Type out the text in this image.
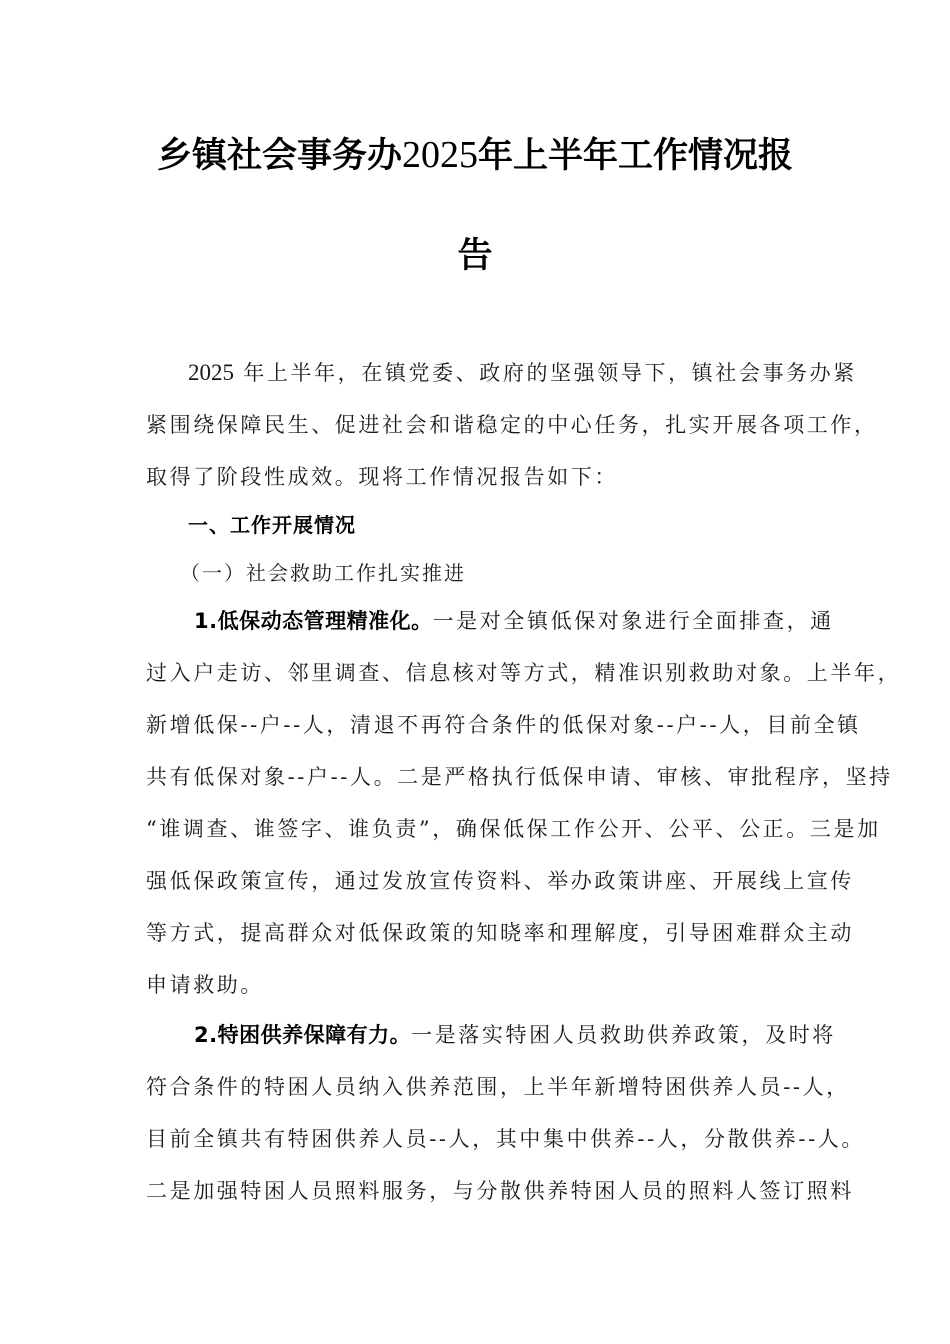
乡镇社会事务办2025年上半年工作情况报
告
2025 年上半年，在镇党委、政府的坚强领导下，镇社会事务办紧
紧围绕保障民生、促进社会和谐稳定的中心任务，扎实开展各项工作，
取得了阶段性成效。现将工作情况报告如下：
一、工作开展情况
（一）社会救助工作扎实推进
1.低保动态管理精准化。一是对全镇低保对象进行全面排查，通
过入户走访、邻里调查、信息核对等方式，精准识别救助对象。上半年，
新增低保--户--人，清退不再符合条件的低保对象--户--人，目前全镇
共有低保对象--户--人。二是严格执行低保申请、审核、审批程序，坚持
“谁调查、谁签字、谁负责”，确保低保工作公开、公平、公正。三是加
强低保政策宣传，通过发放宣传资料、举办政策讲座、开展线上宣传
等方式，提高群众对低保政策的知晓率和理解度，引导困难群众主动
申请救助。
2.特困供养保障有力。一是落实特困人员救助供养政策，及时将
符合条件的特困人员纳入供养范围，上半年新增特困供养人员--人，
目前全镇共有特困供养人员--人，其中集中供养--人，分散供养--人。
二是加强特困人员照料服务，与分散供养特困人员的照料人签订照料
